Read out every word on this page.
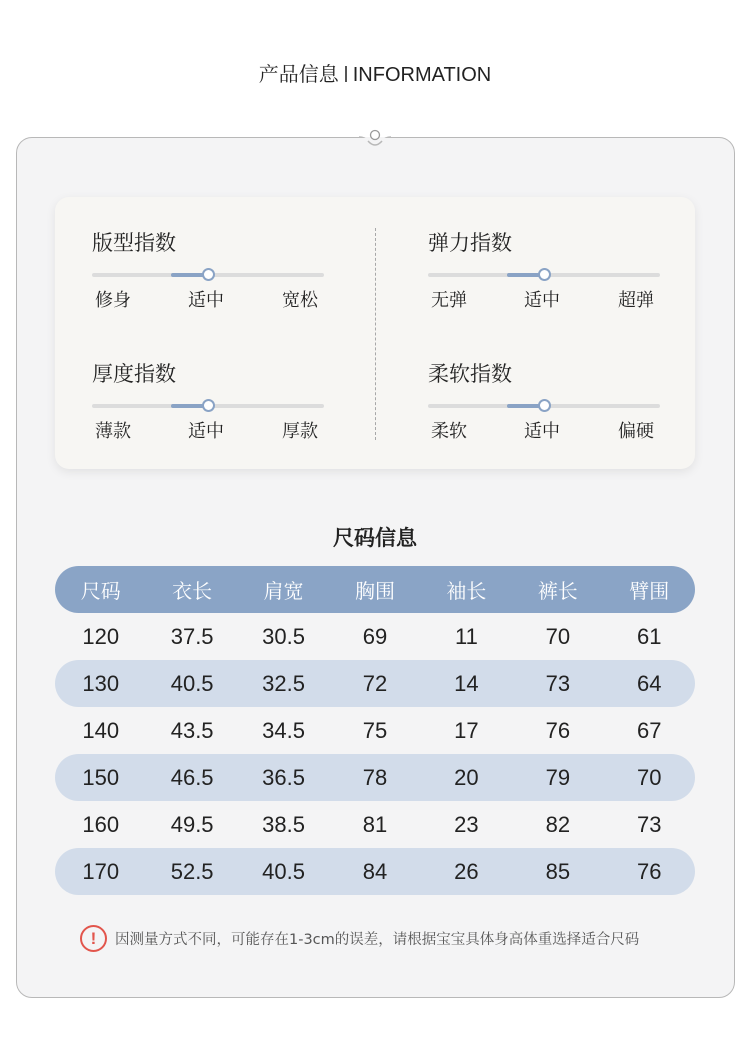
产品信息 INFORMATION
版型指数
修身	适中	宽松
弹力指数
无弹	适中	超弹
厚度指数
薄款	适中	厚款
柔软指数
柔软	适中	偏硬
尺码信息
尺码	衣长	肩宽	胸围	袖长	裤长	臂围
120	37.5	30.5	69	11	70	61
130	40.5	32.5	72	14	73	64
140	43.5	34.5	75	17	76	67
150	46.5	36.5	78	20	79	70
160	49.5	38.5	81	23	82	73
170	52.5	40.5	84	26	85	76
!	因测量方式不同，可能存在1-3cm的误差，请根据宝宝具体身高体重选择适合尺码
